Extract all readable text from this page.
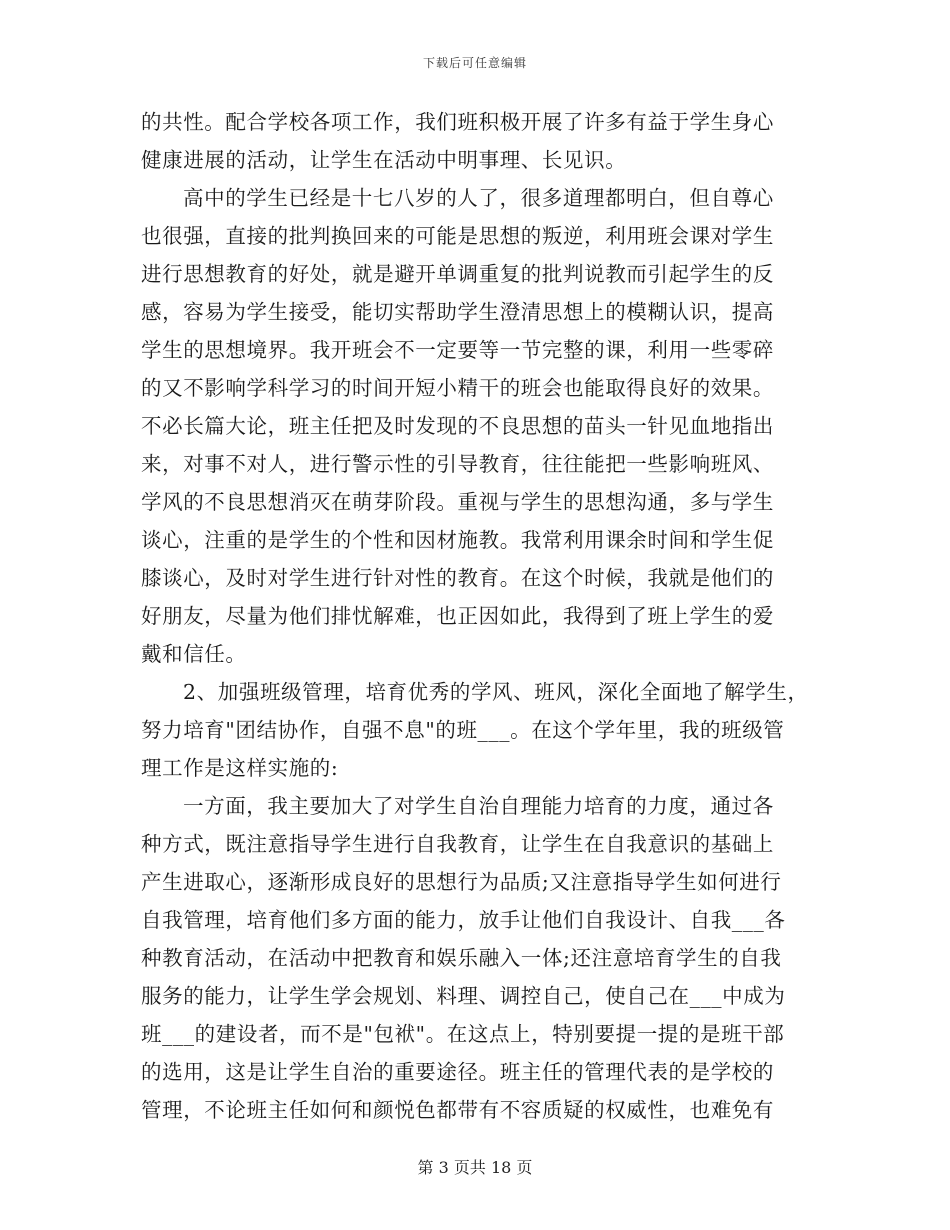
下载后可任意编辑
的共性。配合学校各项工作，我们班积极开展了许多有益于学生身心
健康进展的活动，让学生在活动中明事理、长见识。
高中的学生已经是十七八岁的人了，很多道理都明白，但自尊心
也很强，直接的批判换回来的可能是思想的叛逆，利用班会课对学生
进行思想教育的好处，就是避开单调重复的批判说教而引起学生的反
感，容易为学生接受，能切实帮助学生澄清思想上的模糊认识，提高
学生的思想境界。我开班会不一定要等一节完整的课，利用一些零碎
的又不影响学科学习的时间开短小精干的班会也能取得良好的效果。
不必长篇大论，班主任把及时发现的不良思想的苗头一针见血地指出
来，对事不对人，进行警示性的引导教育，往往能把一些影响班风、
学风的不良思想消灭在萌芽阶段。重视与学生的思想沟通，多与学生
谈心，注重的是学生的个性和因材施教。我常利用课余时间和学生促
膝谈心，及时对学生进行针对性的教育。在这个时候，我就是他们的
好朋友，尽量为他们排忧解难，也正因如此，我得到了班上学生的爱
戴和信任。
2、加强班级管理，培育优秀的学风、班风，深化全面地了解学生，
努力培育"团结协作，自强不息"的班___。在这个学年里，我的班级管
理工作是这样实施的:
一方面，我主要加大了对学生自治自理能力培育的力度，通过各
种方式，既注意指导学生进行自我教育，让学生在自我意识的基础上
产生进取心，逐渐形成良好的思想行为品质;又注意指导学生如何进行
自我管理，培育他们多方面的能力，放手让他们自我设计、自我___各
种教育活动，在活动中把教育和娱乐融入一体;还注意培育学生的自我
服务的能力，让学生学会规划、料理、调控自己，使自己在___中成为
班___的建设者，而不是"包袱"。在这点上，特别要提一提的是班干部
的选用，这是让学生自治的重要途径。班主任的管理代表的是学校的
管理，不论班主任如何和颜悦色都带有不容质疑的权威性，也难免有
第 3 页共 18 页
